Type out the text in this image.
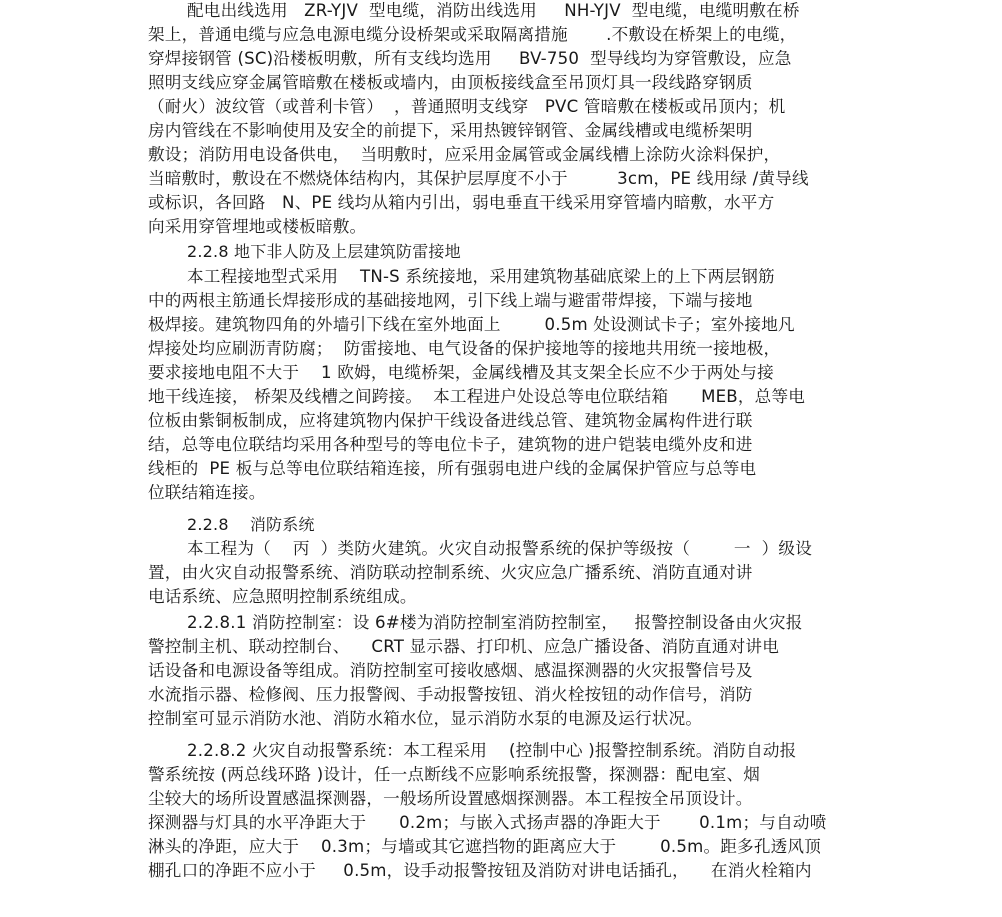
配电出线选用   ZR-YJV  型电缆，消防出线选用     NH-YJV  型电缆，电缆明敷在桥
架上，普通电缆与应急电源电缆分设桥架或采取隔离措施       .不敷设在桥架上的电缆，
穿焊接钢管 (SC)沿楼板明敷，所有支线均选用     BV-750  型导线均为穿管敷设，应急
照明支线应穿金属管暗敷在楼板或墙内，由顶板接线盒至吊顶灯具一段线路穿钢质
（耐火）波纹管（或普利卡管）  ，普通照明支线穿   PVC 管暗敷在楼板或吊顶内；机
房内管线在不影响使用及安全的前提下，采用热镀锌钢管、金属线槽或电缆桥架明
敷设；消防用电设备供电，  当明敷时，应采用金属管或金属线槽上涂防火涂料保护，
当暗敷时，敷设在不燃烧体结构内，其保护层厚度不小于         3cm，PE 线用绿 /黄导线
或标识，各回路   N、PE 线均从箱内引出，弱电垂直干线采用穿管墙内暗敷，水平方
向采用穿管埋地或楼板暗敷。
2.2.8 地下非人防及上层建筑防雷接地
本工程接地型式采用    TN-S 系统接地，采用建筑物基础底梁上的上下两层钢筋
中的两根主筋通长焊接形成的基础接地网，引下线上端与避雷带焊接，下端与接地
极焊接。建筑物四角的外墙引下线在室外地面上        0.5m 处设测试卡子；室外接地凡
焊接处均应刷沥青防腐；  防雷接地、电气设备的保护接地等的接地共用统一接地极，
要求接地电阻不大于    1 欧姆，电缆桥架，金属线槽及其支架全长应不少于两处与接
地干线连接， 桥架及线槽之间跨接。  本工程进户处设总等电位联结箱      MEB，总等电
位板由紫铜板制成，应将建筑物内保护干线设备进线总管、建筑物金属构件进行联
结，总等电位联结均采用各种型号的等电位卡子，建筑物的进户铠装电缆外皮和进
线柜的  PE 板与总等电位联结箱连接，所有强弱电进户线的金属保护管应与总等电
位联结箱连接。
2.2.8    消防系统
本工程为（    丙  ）类防火建筑。火灾自动报警系统的保护等级按（        一  ）级设
置，由火灾自动报警系统、消防联动控制系统、火灾应急广播系统、消防直通对讲
电话系统、应急照明控制系统组成。
2.2.8.1 消防控制室：设 6#楼为消防控制室消防控制室，   报警控制设备由火灾报
警控制主机、联动控制台、    CRT 显示器、打印机、应急广播设备、消防直通对讲电
话设备和电源设备等组成。消防控制室可接收感烟、感温探测器的火灾报警信号及
水流指示器、检修阀、压力报警阀、手动报警按钮、消火栓按钮的动作信号，消防
控制室可显示消防水池、消防水箱水位，显示消防水泵的电源及运行状况。
2.2.8.2 火灾自动报警系统：本工程采用    (控制中心 )报警控制系统。消防自动报
警系统按 (两总线环路 )设计，任一点断线不应影响系统报警，探测器：配电室、烟
尘较大的场所设置感温探测器，一般场所设置感烟探测器。本工程按全吊顶设计。
探测器与灯具的水平净距大于      0.2m；与嵌入式扬声器的净距大于       0.1m；与自动喷
淋头的净距，应大于    0.3m；与墙或其它遮挡物的距离应大于        0.5m。距多孔透风顶
棚孔口的净距不应小于     0.5m，设手动报警按钮及消防对讲电话插孔，    在消火栓箱内
